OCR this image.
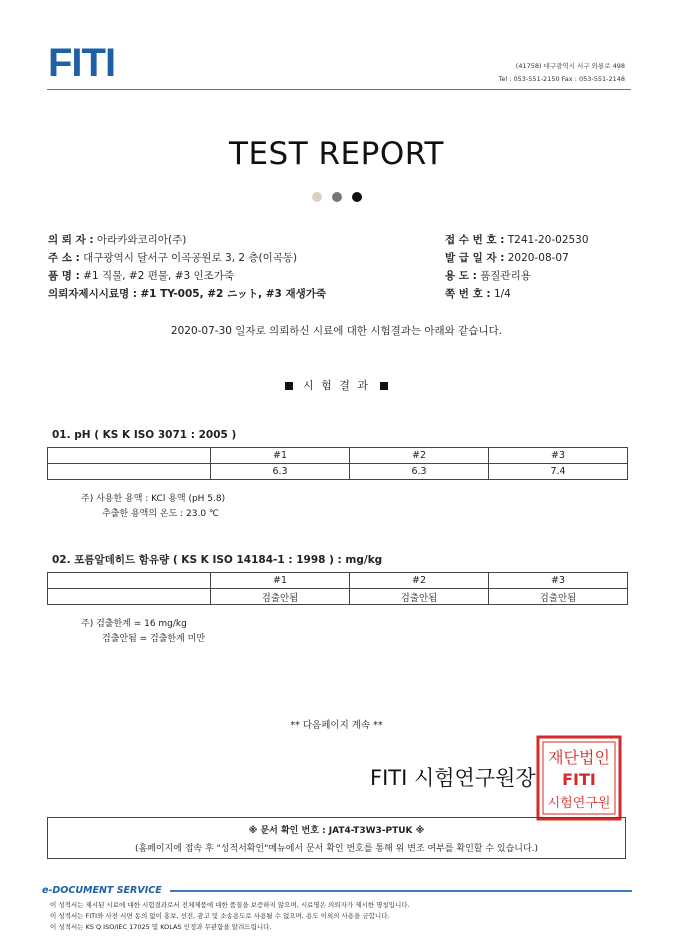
FITI	(41758) 대구광역시 서구 와룡로 498
Tel : 053-551-2150 Fax : 053-551-2148
TEST REPORT
의 뢰 자 : 아라카와코리아(주)
주 소 : 대구광역시 달서구 이곡공원로 3, 2 층(이곡동)
품 명 : #1 직물, #2 편물, #3 인조가죽
의뢰자제시시료명 : #1 TY-005, #2 ニット, #3 재생가죽
접 수 번 호 : T241-20-02530
발 급 일 자 : 2020-08-07
용 도 : 품질관리용
쪽 번 호 : 1/4
2020-07-30 일자로 의뢰하신 시료에 대한 시험결과는 아래와 같습니다.
시 험 결 과
01. pH ( KS K ISO 3071 : 2005 )
	#1	#2	#3
	6.3	6.3	7.4
주) 사용한 용액 : KCl 용액 (pH 5.8)
추출한 용액의 온도 : 23.0 ℃
02. 포름알데히드 함유량 ( KS K ISO 14184-1 : 1998 ) : mg/kg
	#1	#2	#3
	검출안됨	검출안됨	검출안됨
주) 검출한계 = 16 mg/kg
검출안됨 = 검출한계 미만
** 다음페이지 계속 **
재단법인
FITI
시험연구원
FITI 시험연구원장
※ 문서 확인 번호 : JAT4-T3W3-PTUK ※
(홈페이지에 접속 후 "성적서확인"메뉴에서 문서 확인 번호를 통해 위 변조 여부를 확인할 수 있습니다.)
e-DOCUMENT SERVICE
이 성적서는 제시된 시료에 대한 시험결과로서 전체제품에 대한 품질을 보증하지 않으며, 시료명은 의뢰자가 제시한 명칭입니다.
이 성적서는 FITI와 사전 서면 동의 없이 홍보, 선전, 광고 및 소송용도로 사용될 수 없으며, 용도 이외의 사용을 금합니다.
이 성적서는 KS Q ISO/IEC 17025 및 KOLAS 인정과 무관함을 알려드립니다.
